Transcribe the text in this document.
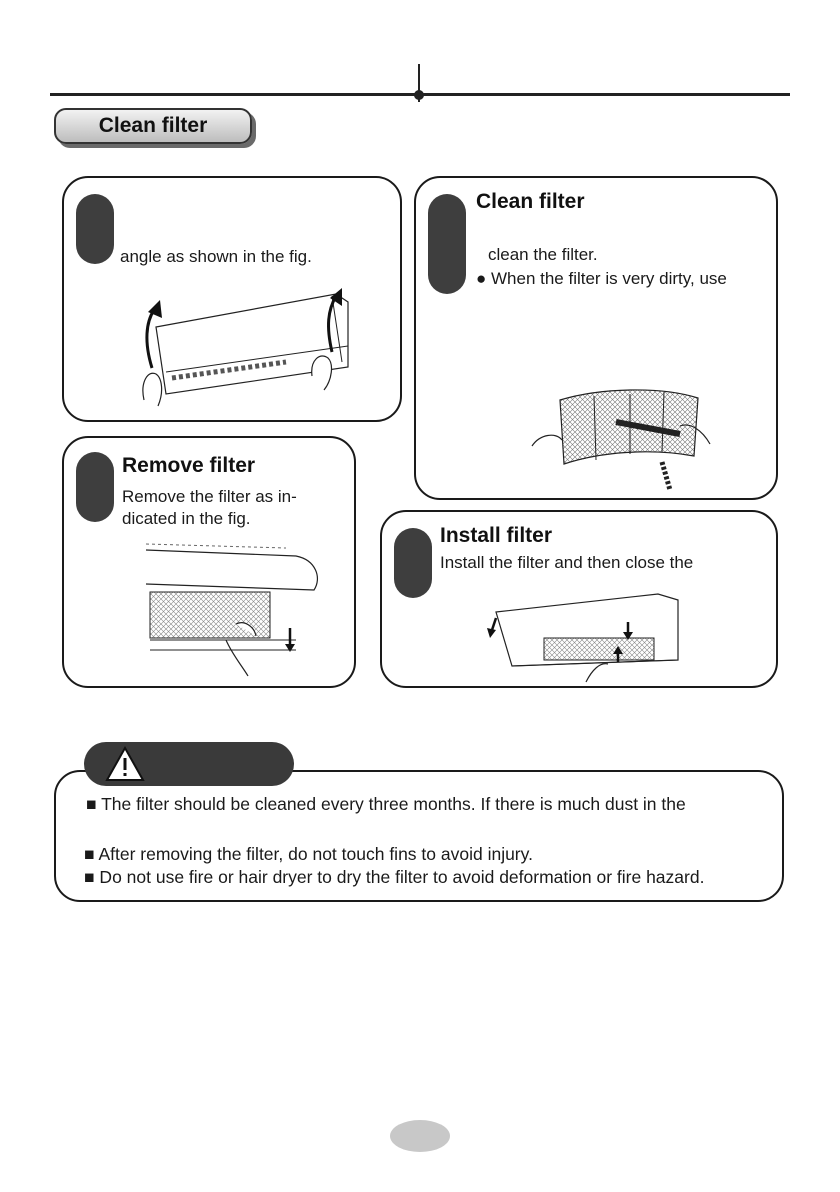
Clean filter
angle as shown in the fig.
Clean filter
clean the filter.
● When the filter is very dirty, use
Remove filter
Remove the filter as in-
dicated in the fig.
Install filter
Install the filter and then close the
■ The filter should be cleaned every three months. If there is much dust in the
■ After removing the filter, do not touch fins to avoid injury.
■ Do not use fire or hair dryer to dry the filter to avoid deformation or fire hazard.
